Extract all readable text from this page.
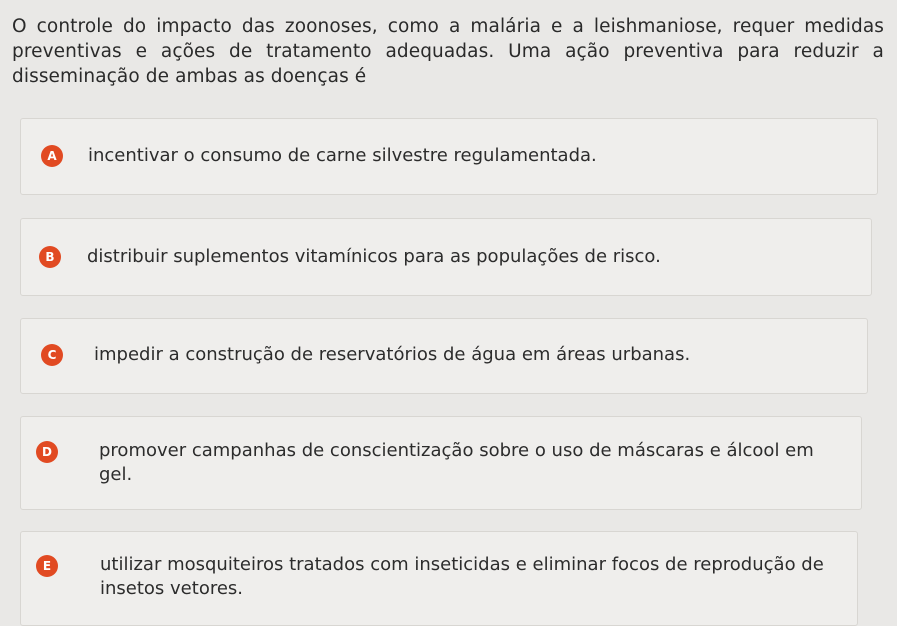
O controle do impacto das zoonoses, como a malária e a leishmaniose, requer medidas preventivas e ações de tratamento adequadas. Uma ação preventiva para reduzir a disseminação de ambas as doenças é
A	incentivar o consumo de carne silvestre regulamentada.
B	distribuir suplementos vitamínicos para as populações de risco.
C	impedir a construção de reservatórios de água em áreas urbanas.
D	promover campanhas de conscientização sobre o uso de máscaras e álcool em gel.
E	utilizar mosquiteiros tratados com inseticidas e eliminar focos de reprodução de insetos vetores.
